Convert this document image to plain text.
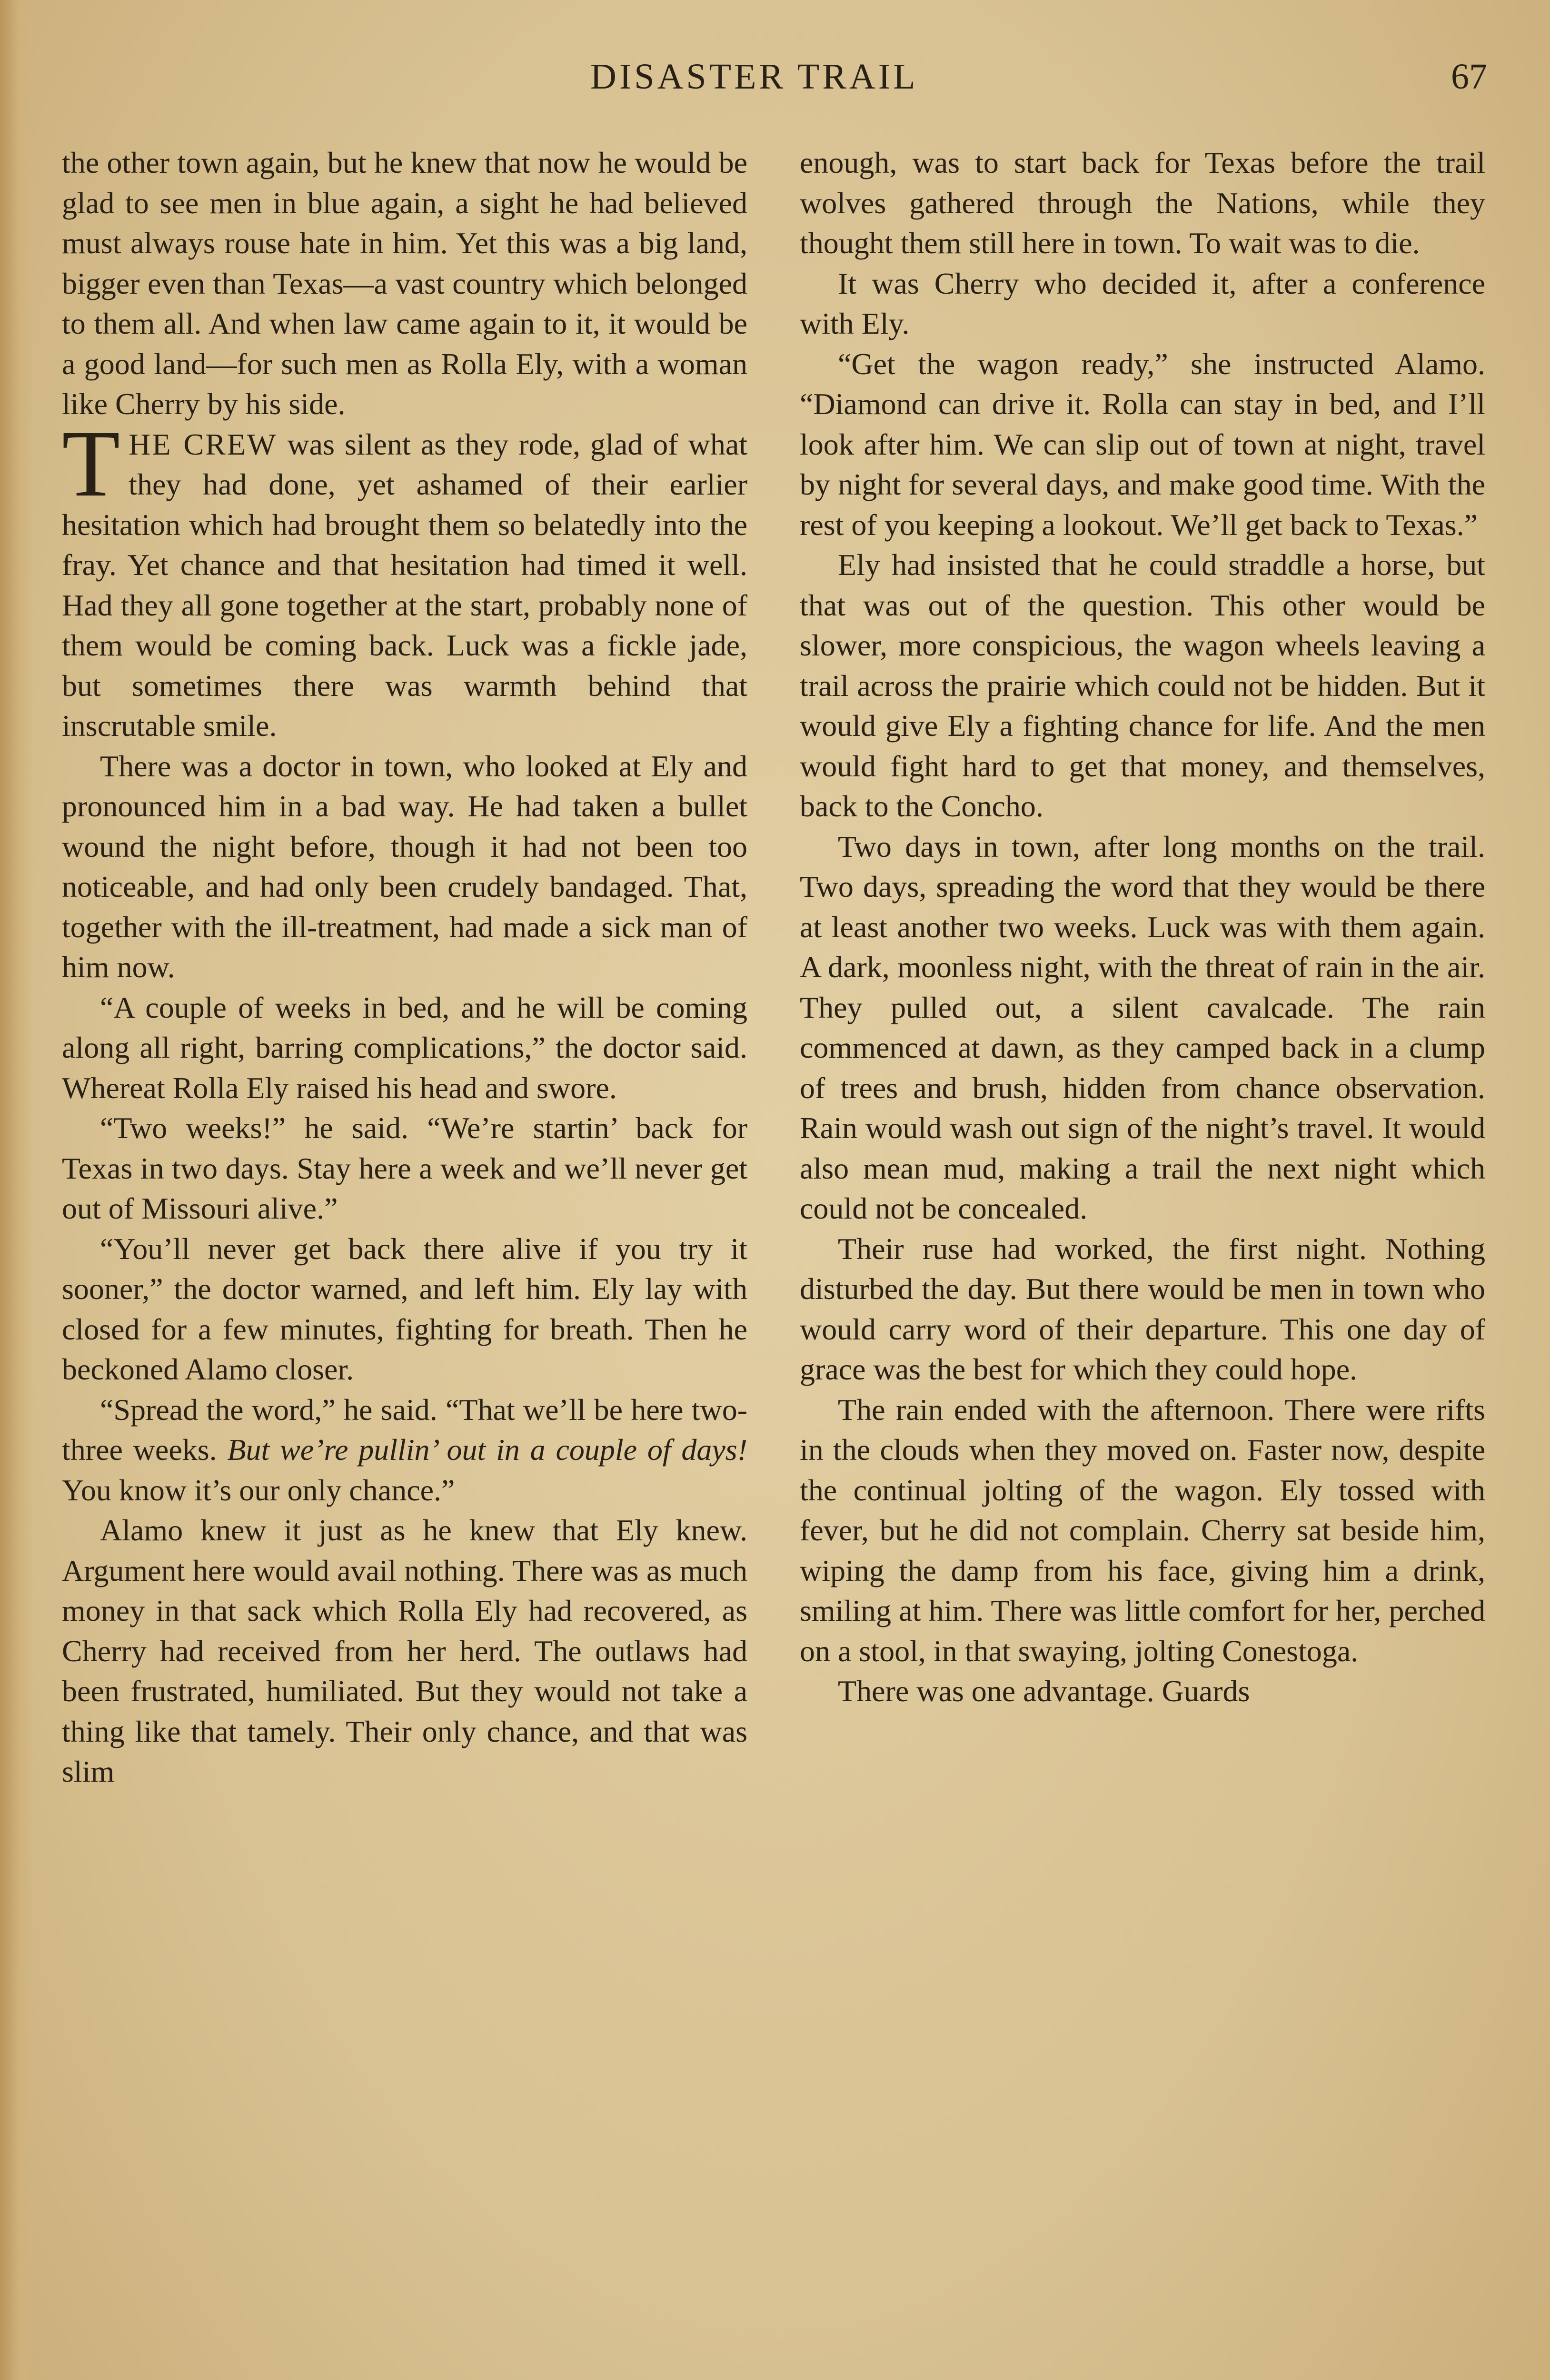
DISASTER TRAIL	67

the other town again, but he knew that now he would be glad to see men in blue again, a sight he had believed must always rouse hate in him. Yet this was a big land, bigger even than Texas—a vast country which belonged to them all. And when law came again to it, it would be a good land—for such men as Rolla Ely, with a woman like Cherry by his side.

THE CREW was silent as they rode, glad of what they had done, yet ashamed of their earlier hesitation which had brought them so belatedly into the fray. Yet chance and that hesitation had timed it well. Had they all gone together at the start, probably none of them would be coming back. Luck was a fickle jade, but sometimes there was warmth behind that inscrutable smile.

There was a doctor in town, who looked at Ely and pronounced him in a bad way. He had taken a bullet wound the night before, though it had not been too noticeable, and had only been crudely bandaged. That, together with the ill-treatment, had made a sick man of him now.

“A couple of weeks in bed, and he will be coming along all right, barring complications,” the doctor said. Whereat Rolla Ely raised his head and swore.

“Two weeks!” he said. “We’re startin’ back for Texas in two days. Stay here a week and we’ll never get out of Missouri alive.”

“You’ll never get back there alive if you try it sooner,” the doctor warned, and left him. Ely lay with closed for a few minutes, fighting for breath. Then he beckoned Alamo closer.

“Spread the word,” he said. “That we’ll be here two-three weeks. But we’re pullin’ out in a couple of days! You know it’s our only chance.”

Alamo knew it just as he knew that Ely knew. Argument here would avail nothing. There was as much money in that sack which Rolla Ely had recovered, as Cherry had received from her herd. The outlaws had been frustrated, humiliated. But they would not take a thing like that tamely. Their only chance, and that was slim

enough, was to start back for Texas before the trail wolves gathered through the Nations, while they thought them still here in town. To wait was to die.

It was Cherry who decided it, after a conference with Ely.

“Get the wagon ready,” she instructed Alamo. “Diamond can drive it. Rolla can stay in bed, and I’ll look after him. We can slip out of town at night, travel by night for several days, and make good time. With the rest of you keeping a lookout. We’ll get back to Texas.”

Ely had insisted that he could straddle a horse, but that was out of the question. This other would be slower, more conspicious, the wagon wheels leaving a trail across the prairie which could not be hidden. But it would give Ely a fighting chance for life. And the men would fight hard to get that money, and themselves, back to the Concho.

Two days in town, after long months on the trail. Two days, spreading the word that they would be there at least another two weeks. Luck was with them again. A dark, moonless night, with the threat of rain in the air. They pulled out, a silent cavalcade. The rain commenced at dawn, as they camped back in a clump of trees and brush, hidden from chance observation. Rain would wash out sign of the night’s travel. It would also mean mud, making a trail the next night which could not be concealed.

Their ruse had worked, the first night. Nothing disturbed the day. But there would be men in town who would carry word of their departure. This one day of grace was the best for which they could hope.

The rain ended with the afternoon. There were rifts in the clouds when they moved on. Faster now, despite the continual jolting of the wagon. Ely tossed with fever, but he did not complain. Cherry sat beside him, wiping the damp from his face, giving him a drink, smiling at him. There was little comfort for her, perched on a stool, in that swaying, jolting Conestoga.

There was one advantage. Guards
